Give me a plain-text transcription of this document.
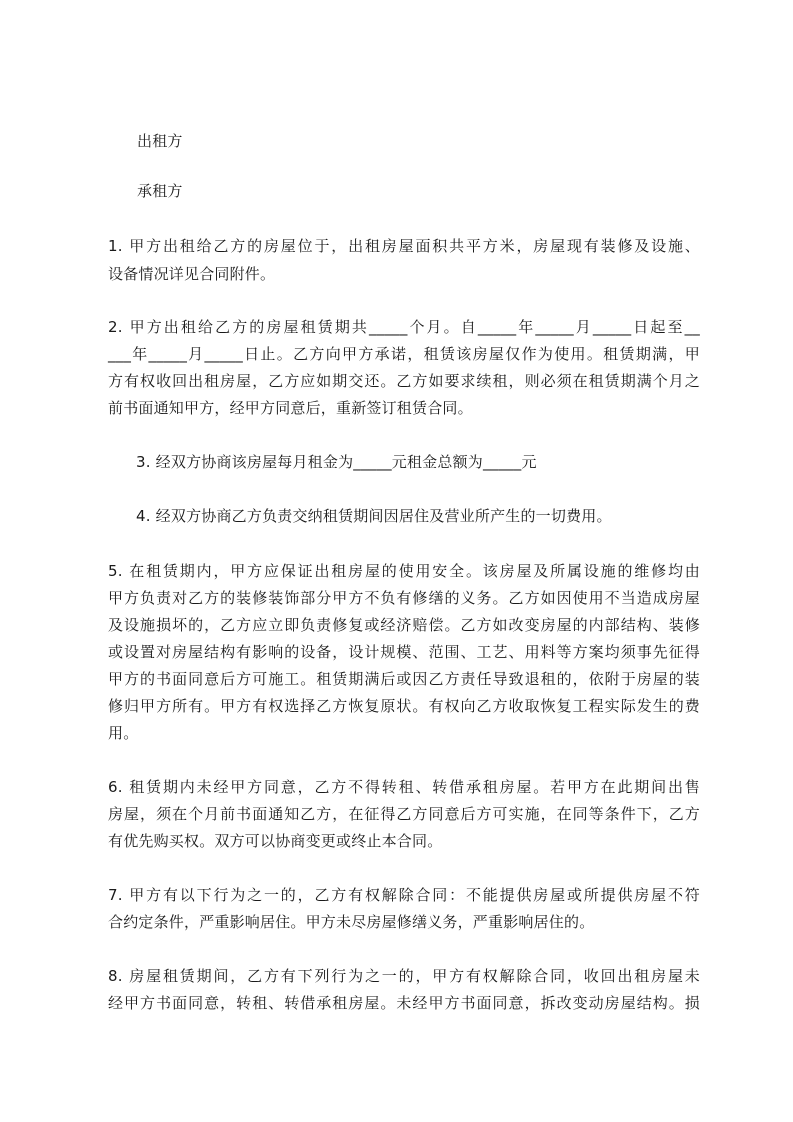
出租方
承租方
1. 甲方出租给乙方的房屋位于，出租房屋面积共平方米，房屋现有装修及设施、
设备情况详见合同附件。
2. 甲方出租给乙方的房屋租赁期共_____个月。自_____年_____月_____日起至__
___年_____月_____日止。乙方向甲方承诺，租赁该房屋仅作为使用。租赁期满，甲
方有权收回出租房屋，乙方应如期交还。乙方如要求续租，则必须在租赁期满个月之
前书面通知甲方，经甲方同意后，重新签订租赁合同。
3. 经双方协商该房屋每月租金为_____元租金总额为_____元
4. 经双方协商乙方负责交纳租赁期间因居住及营业所产生的一切费用。
5. 在租赁期内，甲方应保证出租房屋的使用安全。该房屋及所属设施的维修均由
甲方负责对乙方的装修装饰部分甲方不负有修缮的义务。乙方如因使用不当造成房屋
及设施损坏的，乙方应立即负责修复或经济赔偿。乙方如改变房屋的内部结构、装修
或设置对房屋结构有影响的设备，设计规模、范围、工艺、用料等方案均须事先征得
甲方的书面同意后方可施工。租赁期满后或因乙方责任导致退租的，依附于房屋的装
修归甲方所有。甲方有权选择乙方恢复原状。有权向乙方收取恢复工程实际发生的费
用。
6. 租赁期内未经甲方同意，乙方不得转租、转借承租房屋。若甲方在此期间出售
房屋，须在个月前书面通知乙方，在征得乙方同意后方可实施，在同等条件下，乙方
有优先购买权。双方可以协商变更或终止本合同。
7. 甲方有以下行为之一的，乙方有权解除合同：不能提供房屋或所提供房屋不符
合约定条件，严重影响居住。甲方未尽房屋修缮义务，严重影响居住的。
8. 房屋租赁期间，乙方有下列行为之一的，甲方有权解除合同，收回出租房屋未
经甲方书面同意，转租、转借承租房屋。未经甲方书面同意，拆改变动房屋结构。损
